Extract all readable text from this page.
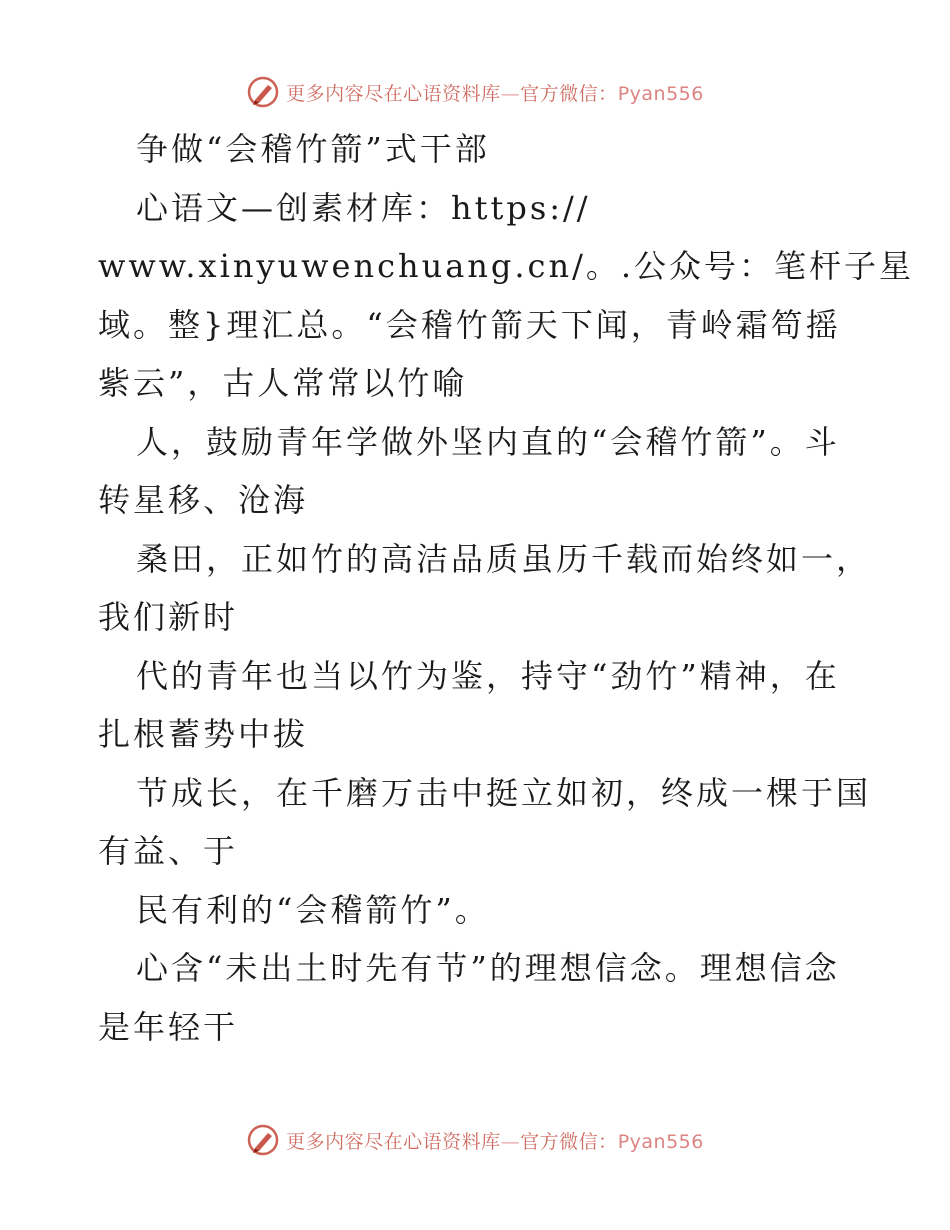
更多内容尽在心语资料库—官方微信：Pyan556
争做“会稽竹箭”式干部
心语文—创素材库：https://
www.xinyuwenchuang.cn/。.公众号：笔杆子星
域。整}理汇总。“会稽竹箭天下闻，青岭霜笱摇
紫云”，古人常常以竹喻
人，鼓励青年学做外坚内直的“会稽竹箭”。斗
转星移、沧海
桑田，正如竹的高洁品质虽历千载而始终如一，
我们新时
代的青年也当以竹为鉴，持守“劲竹”精神，在
扎根蓄势中拔
节成长，在千磨万击中挺立如初，终成一棵于国
有益、于
民有利的“会稽箭竹”。
心含“未出土时先有节”的理想信念。理想信念
是年轻干
更多内容尽在心语资料库—官方微信：Pyan556
